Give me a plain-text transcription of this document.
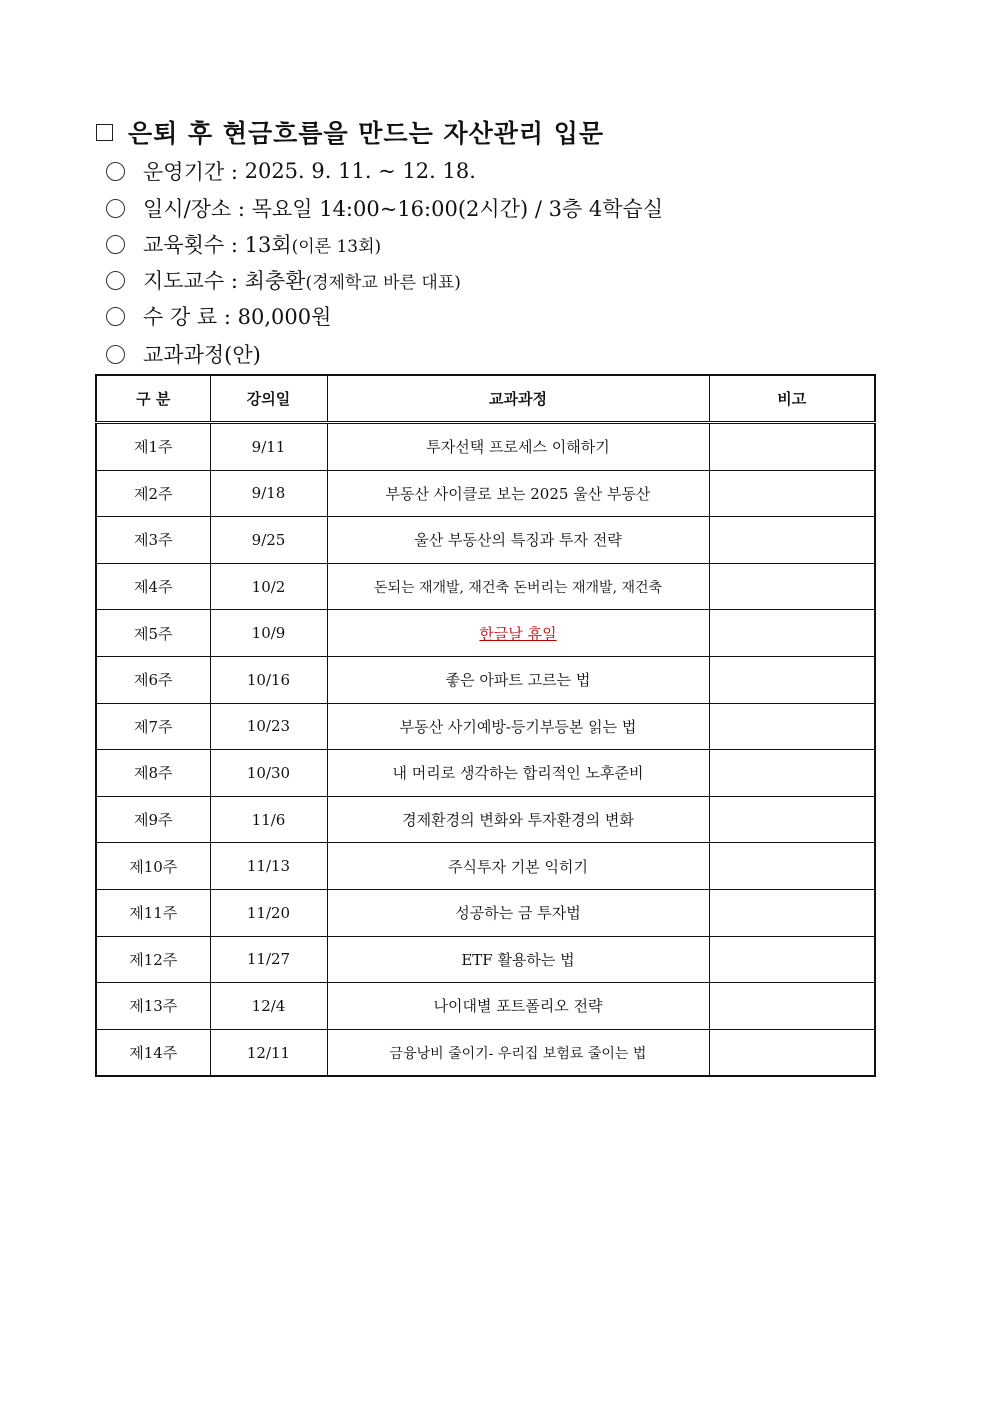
은퇴 후 현금흐름을 만드는 자산관리 입문
운영기간 :
2025. 9. 11. ~ 12. 18.
일시/장소 :
목요일 14:00~16:00(2시간) / 3층 4학습실
교육횟수 :
13회 (이론 13회)
지도교수 :
최충환 (경제학교 바른 대표)
수 강 료 :
80,000원
교과과정(안)
구 분	강의일	교과과정	비고
제1주	9/11	투자선택 프로세스 이해하기	
제2주	9/18	부동산 사이클로 보는 2025 울산 부동산	
제3주	9/25	울산 부동산의 특징과 투자 전략	
제4주	10/2	돈되는 재개발, 재건축 돈버리는 재개발, 재건축	
제5주	10/9	한글날 휴일	
제6주	10/16	좋은 아파트 고르는 법	
제7주	10/23	부동산 사기예방-등기부등본 읽는 법	
제8주	10/30	내 머리로 생각하는 합리적인 노후준비	
제9주	11/6	경제환경의 변화와 투자환경의 변화	
제10주	11/13	주식투자 기본 익히기	
제11주	11/20	성공하는 금 투자법	
제12주	11/27	ETF 활용하는 법	
제13주	12/4	나이대별 포트폴리오 전략	
제14주	12/11	금융낭비 줄이기- 우리집 보험료 줄이는 법	
